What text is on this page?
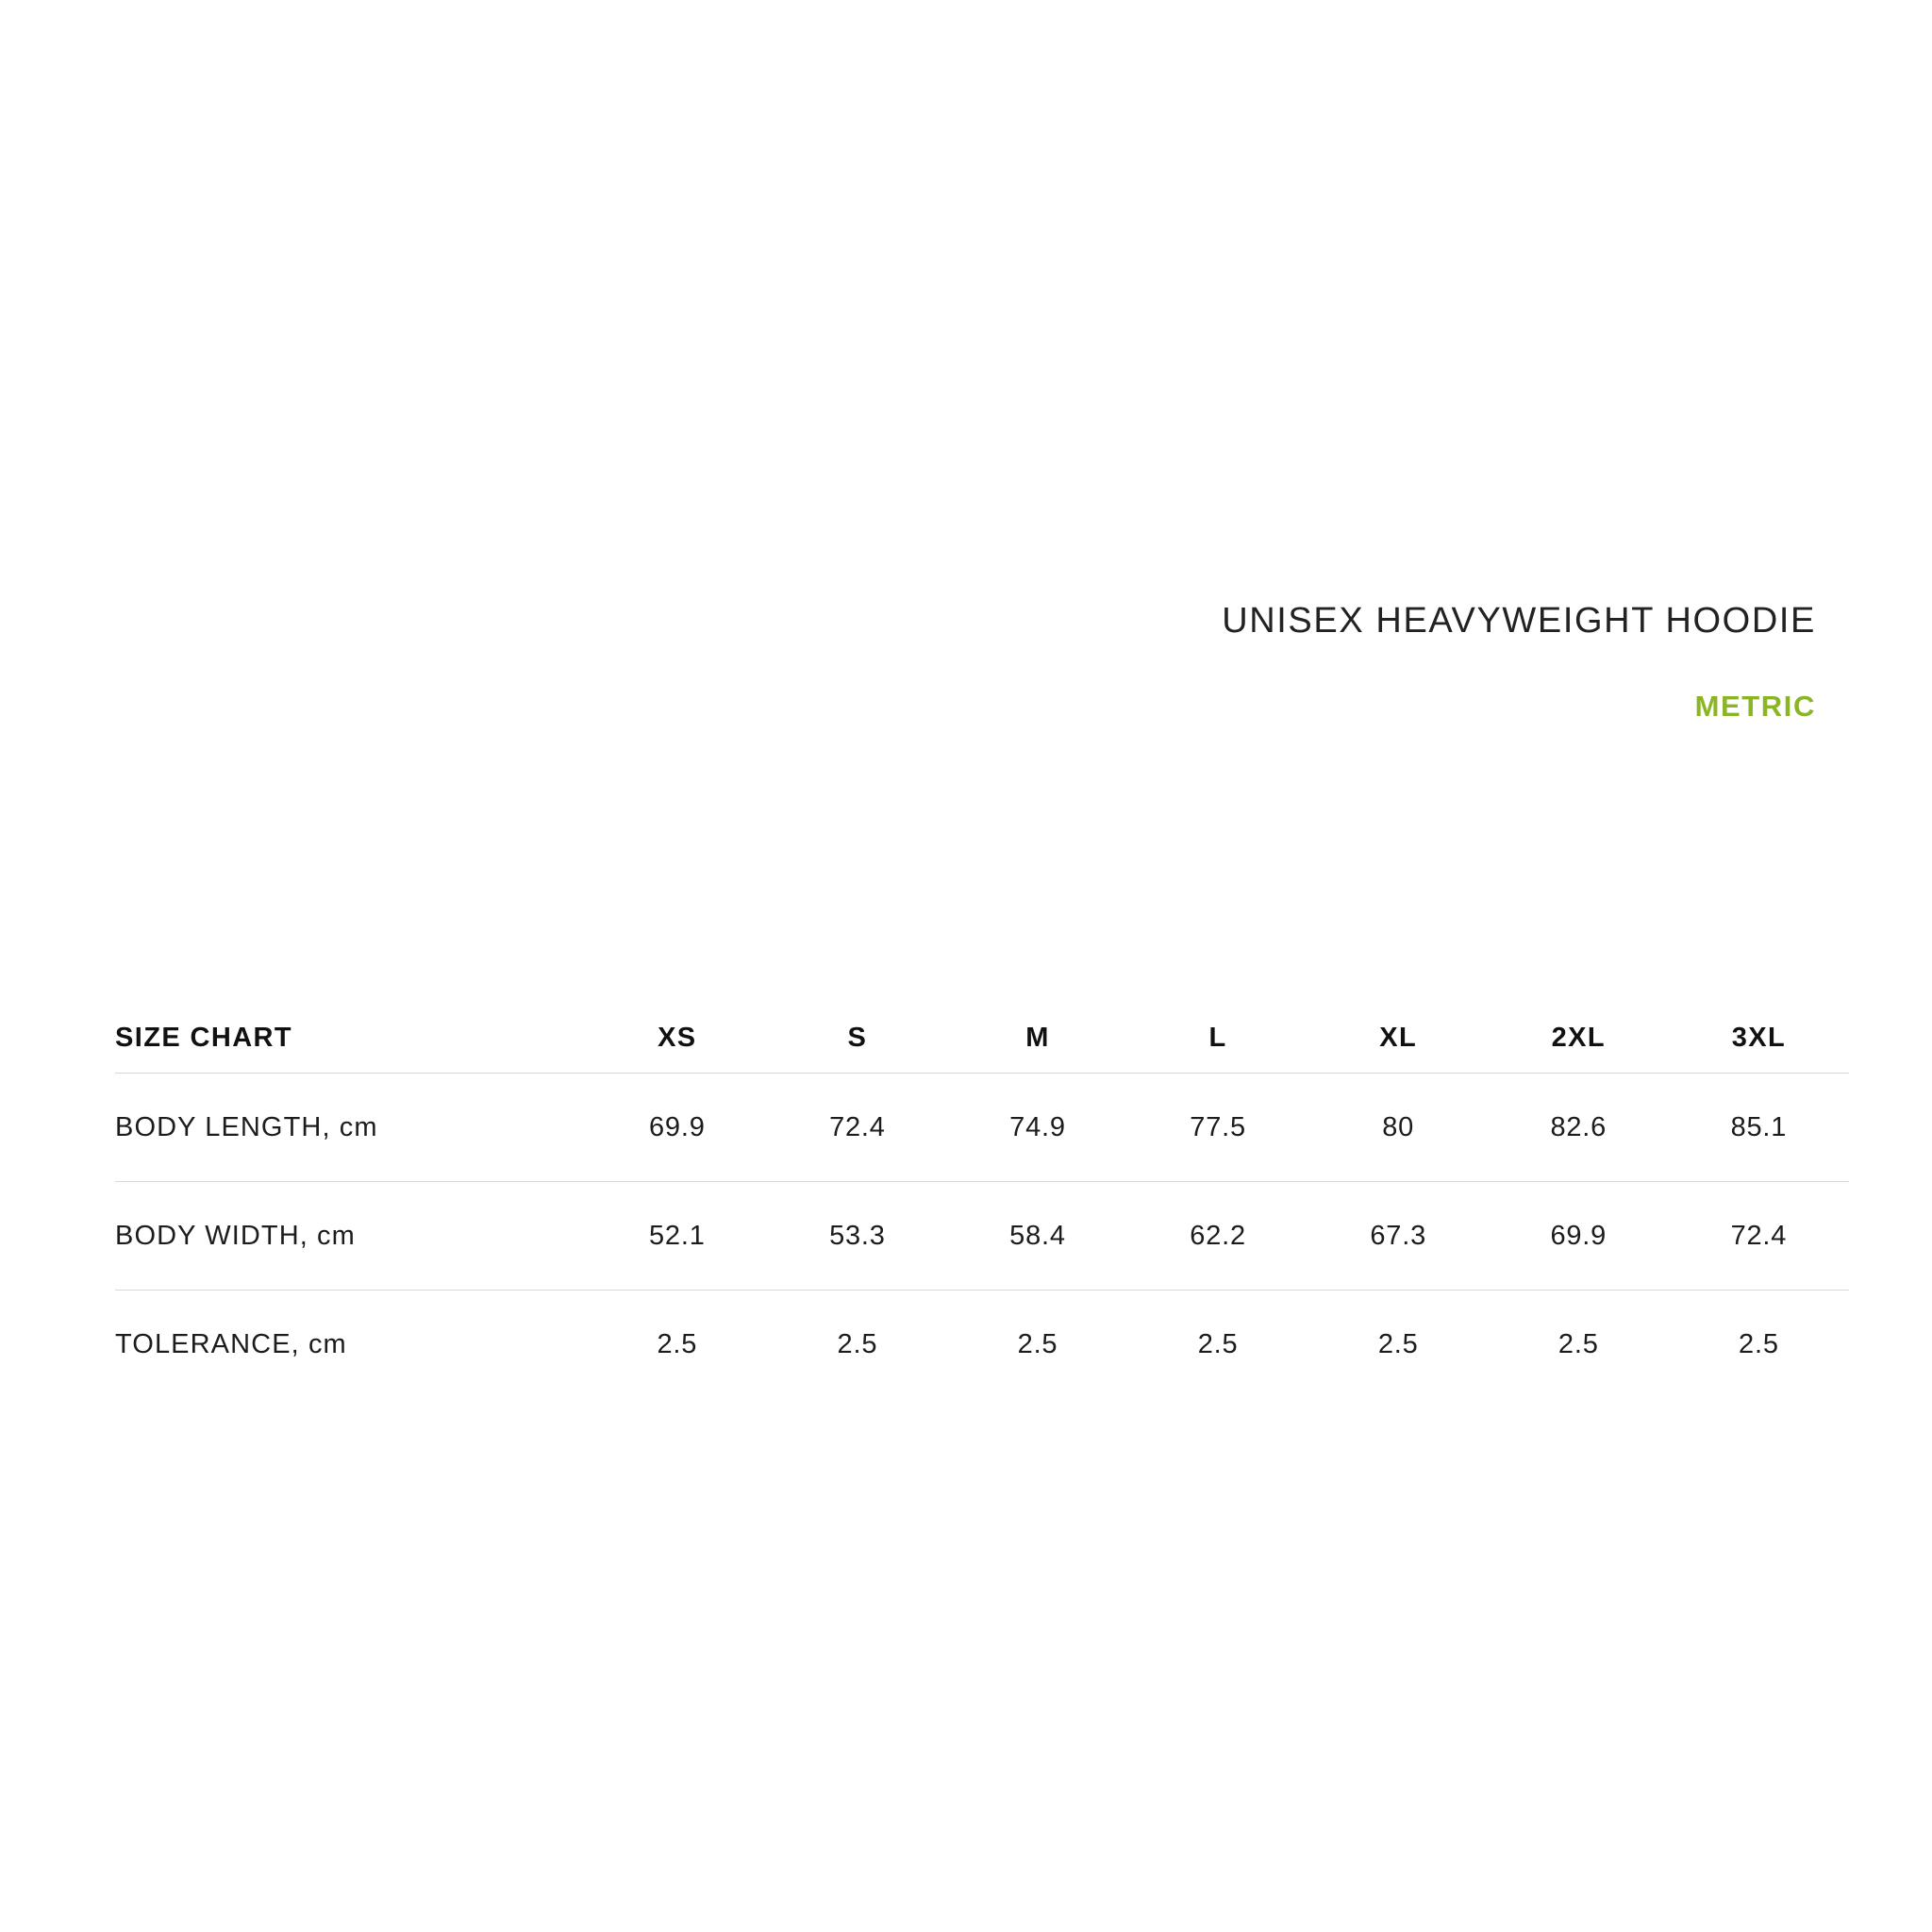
UNISEX HEAVYWEIGHT HOODIE
METRIC
SIZE CHART	XS	S	M	L	XL	2XL	3XL
BODY LENGTH, cm	69.9	72.4	74.9	77.5	80	82.6	85.1
BODY WIDTH, cm	52.1	53.3	58.4	62.2	67.3	69.9	72.4
TOLERANCE, cm	2.5	2.5	2.5	2.5	2.5	2.5	2.5
